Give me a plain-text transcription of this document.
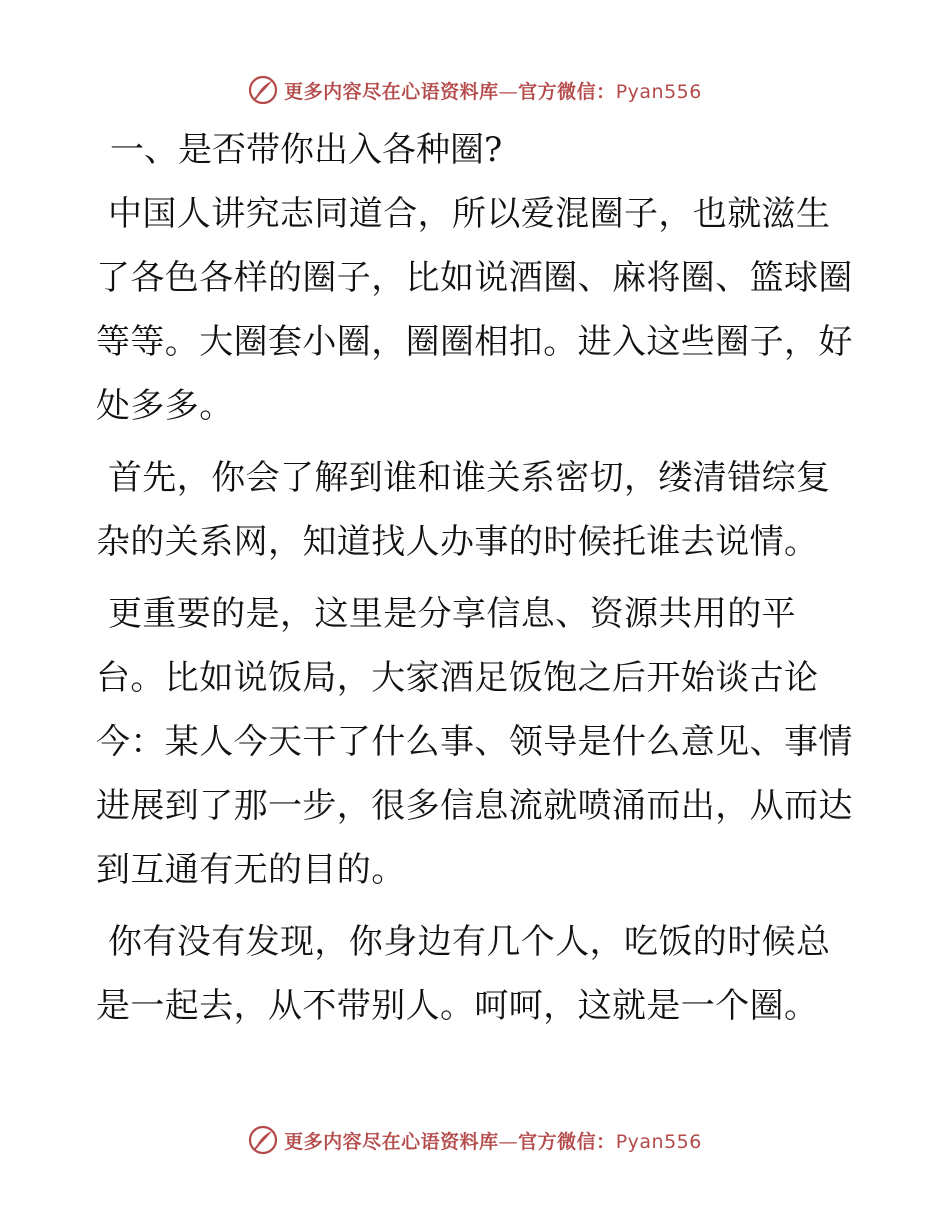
更多内容尽在心语资料库—官方微信：Pyan556
一、是否带你出入各种圈?

中国人讲究志同道合，所以爱混圈子，也就滋生了各色各样的圈子，比如说酒圈、麻将圈、篮球圈等等。大圈套小圈，圈圈相扣。进入这些圈子，好处多多。

首先，你会了解到谁和谁关系密切，缕清错综复杂的关系网，知道找人办事的时候托谁去说情。

更重要的是，这里是分享信息、资源共用的平台。比如说饭局，大家酒足饭饱之后开始谈古论今：某人今天干了什么事、领导是什么意见、事情进展到了那一步，很多信息流就喷涌而出，从而达到互通有无的目的。

你有没有发现，你身边有几个人，吃饭的时候总是一起去，从不带别人。呵呵，这就是一个圈。

更多内容尽在心语资料库—官方微信：Pyan556
